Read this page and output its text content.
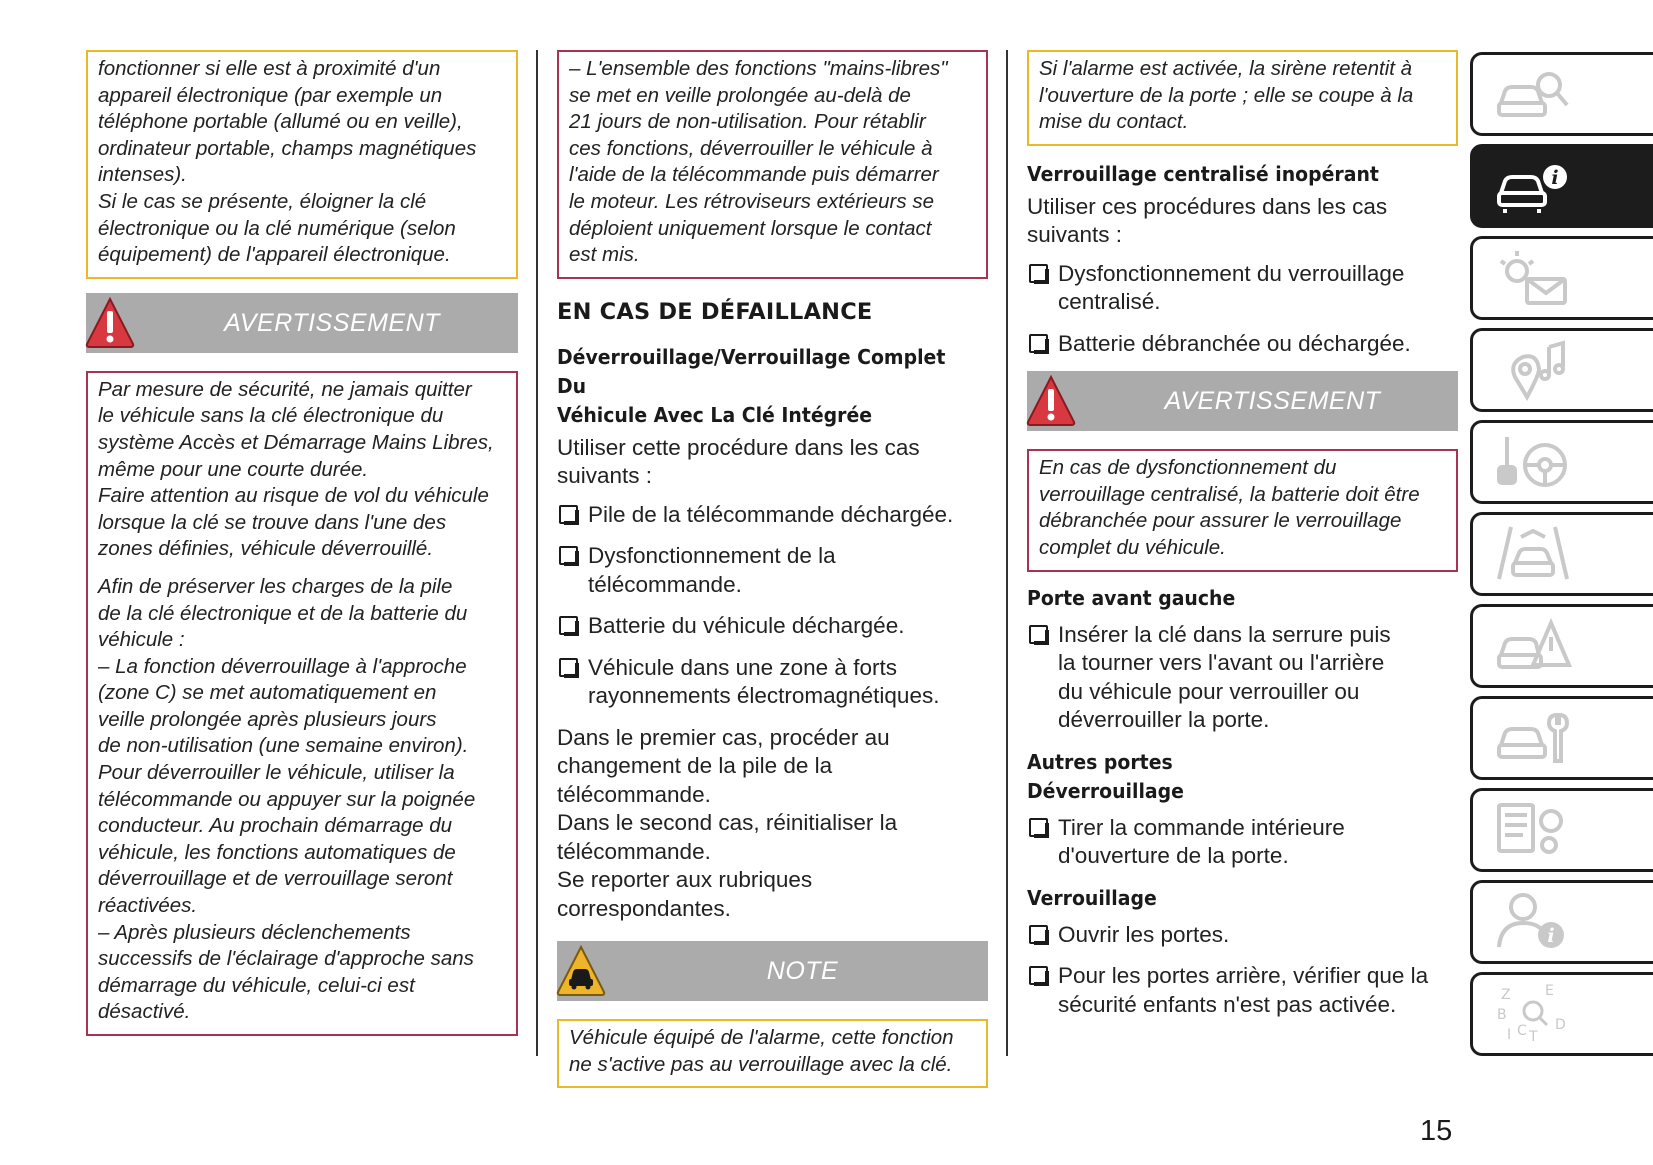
fonctionner si elle est à proximité d'un
appareil électronique (par exemple un
téléphone portable (allumé ou en veille),
ordinateur portable, champs magnétiques
intenses).
Si le cas se présente, éloigner la clé
électronique ou la clé numérique (selon
équipement) de l'appareil électronique.

AVERTISSEMENT

Par mesure de sécurité, ne jamais quitter
le véhicule sans la clé électronique du
système Accès et Démarrage Mains Libres,
même pour une courte durée.
Faire attention au risque de vol du véhicule
lorsque la clé se trouve dans l'une des
zones définies, véhicule déverrouillé.

Afin de préserver les charges de la pile
de la clé électronique et de la batterie du
véhicule :
– La fonction déverrouillage à l'approche
(zone C) se met automatiquement en
veille prolongée après plusieurs jours
de non-utilisation (une semaine environ).
Pour déverrouiller le véhicule, utiliser la
télécommande ou appuyer sur la poignée
conducteur. Au prochain démarrage du
véhicule, les fonctions automatiques de
déverrouillage et de verrouillage seront
réactivées.
– Après plusieurs déclenchements
successifs de l'éclairage d'approche sans
démarrage du véhicule, celui-ci est
désactivé.

– L'ensemble des fonctions "mains-libres"
se met en veille prolongée au-delà de
21 jours de non-utilisation. Pour rétablir
ces fonctions, déverrouiller le véhicule à
l'aide de la télécommande puis démarrer
le moteur. Les rétroviseurs extérieurs se
déploient uniquement lorsque le contact
est mis.

EN CAS DE DÉFAILLANCE
Déverrouillage/Verrouillage Complet Du
Véhicule Avec La Clé Intégrée

Utiliser cette procédure dans les cas
suivants :

Pile de la télécommande déchargée.
Dysfonctionnement de la
télécommande.
Batterie du véhicule déchargée.
Véhicule dans une zone à forts
rayonnements électromagnétiques.

Dans le premier cas, procéder au
changement de la pile de la
télécommande.
Dans le second cas, réinitialiser la
télécommande.
Se reporter aux rubriques
correspondantes.

NOTE

Véhicule équipé de l'alarme, cette fonction
ne s'active pas au verrouillage avec la clé.

Si l'alarme est activée, la sirène retentit à
l'ouverture de la porte ; elle se coupe à la
mise du contact.

Verrouillage centralisé inopérant

Utiliser ces procédures dans les cas
suivants :

Dysfonctionnement du verrouillage
centralisé.
Batterie débranchée ou déchargée.
AVERTISSEMENT

En cas de dysfonctionnement du
verrouillage centralisé, la batterie doit être
débranchée pour assurer le verrouillage
complet du véhicule.

Porte avant gauche
Insérer la clé dans la serrure puis
la tourner vers l'avant ou l'arrière
du véhicule pour verrouiller ou
déverrouiller la porte.
Autres portes
Déverrouillage
Tirer la commande intérieure
d'ouverture de la porte.
Verrouillage
Ouvrir les portes.
Pour les portes arrière, vérifier que la
sécurité enfants n'est pas activée.
i
i
Z E
B
D
I C T
15
